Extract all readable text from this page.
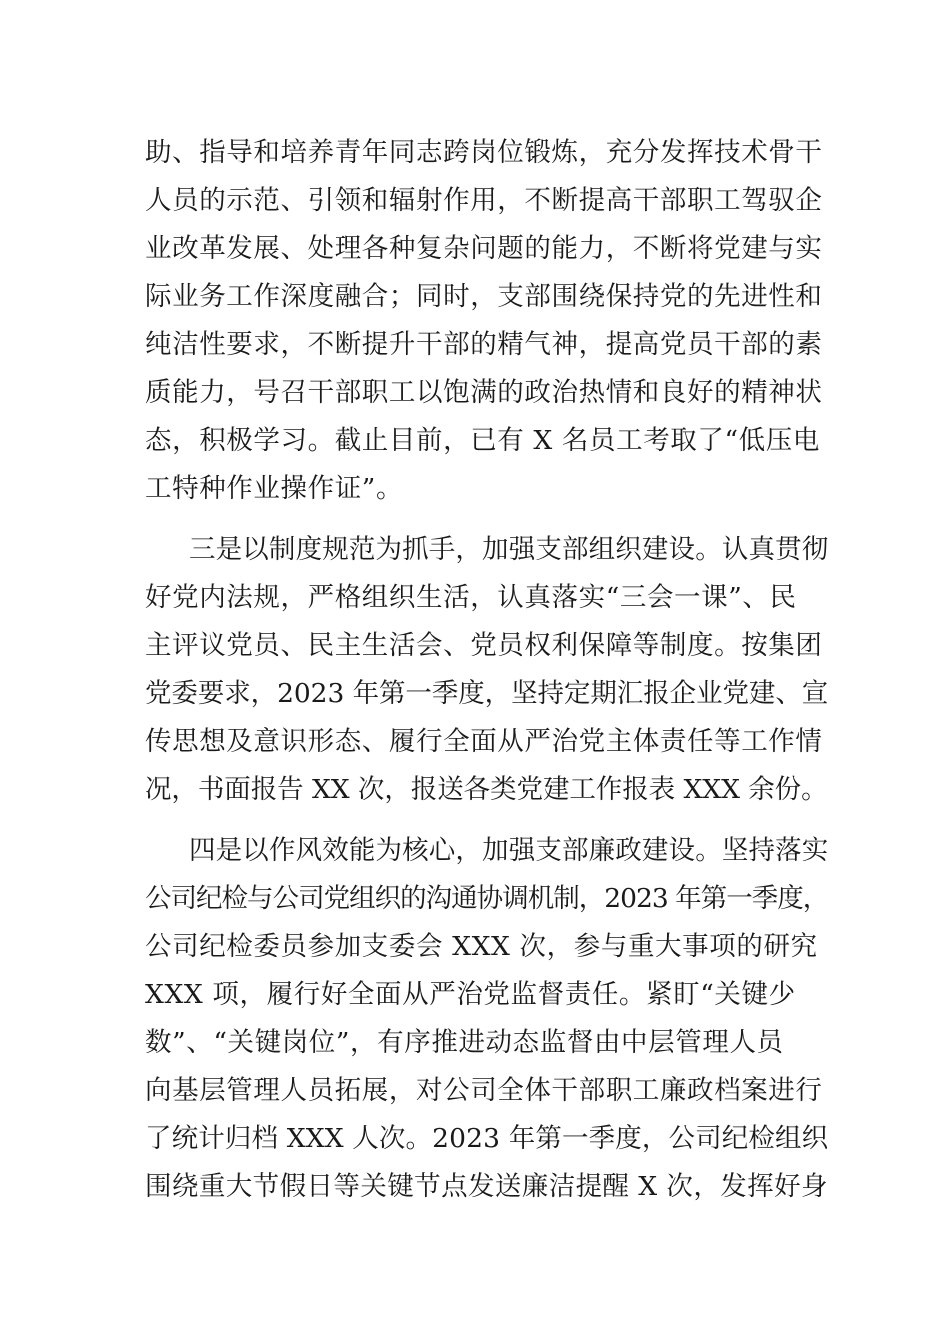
助、指导和培养青年同志跨岗位锻炼，充分发挥技术骨干
人员的示范、引领和辐射作用，不断提高干部职工驾驭企
业改革发展、处理各种复杂问题的能力，不断将党建与实
际业务工作深度融合；同时，支部围绕保持党的先进性和
纯洁性要求，不断提升干部的精气神，提高党员干部的素
质能力，号召干部职工以饱满的政治热情和良好的精神状
态，积极学习。截止目前，已有 X 名员工考取了“低压电
工特种作业操作证”。
三是以制度规范为抓手，加强支部组织建设。认真贯彻
好党内法规，严格组织生活，认真落实“三会一课”、民
主评议党员、民主生活会、党员权利保障等制度。按集团
党委要求，2023 年第一季度，坚持定期汇报企业党建、宣
传思想及意识形态、履行全面从严治党主体责任等工作情
况，书面报告 XX 次，报送各类党建工作报表 XXX 余份。
四是以作风效能为核心，加强支部廉政建设。坚持落实
公司纪检与公司党组织的沟通协调机制，2023 年第一季度，
公司纪检委员参加支委会 XXX 次，参与重大事项的研究
XXX 项，履行好全面从严治党监督责任。紧盯“关键少
数”、“关键岗位”，有序推进动态监督由中层管理人员
向基层管理人员拓展，对公司全体干部职工廉政档案进行
了统计归档 XXX 人次。2023 年第一季度，公司纪检组织
围绕重大节假日等关键节点发送廉洁提醒 X 次，发挥好身
